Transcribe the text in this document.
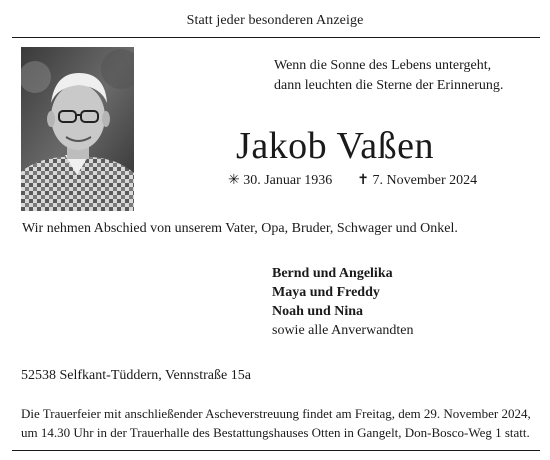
Statt jeder besonderen Anzeige
Wenn die Sonne des Lebens untergeht,
dann leuchten die Sterne der Erinnerung.
Jakob Vaßen
✳ 30. Januar 1936 ✝ 7. November 2024
Wir nehmen Abschied von unserem Vater, Opa, Bruder, Schwager und Onkel.
Bernd und Angelika
Maya und Freddy
Noah und Nina
sowie alle Anverwandten
52538 Selfkant-Tüddern, Vennstraße 15a
Die Trauerfeier mit anschließender Ascheverstreuung findet am Freitag, dem 29. November 2024,
um 14.30 Uhr in der Trauerhalle des Bestattungshauses Otten in Gangelt, Don-Bosco-Weg 1 statt.
